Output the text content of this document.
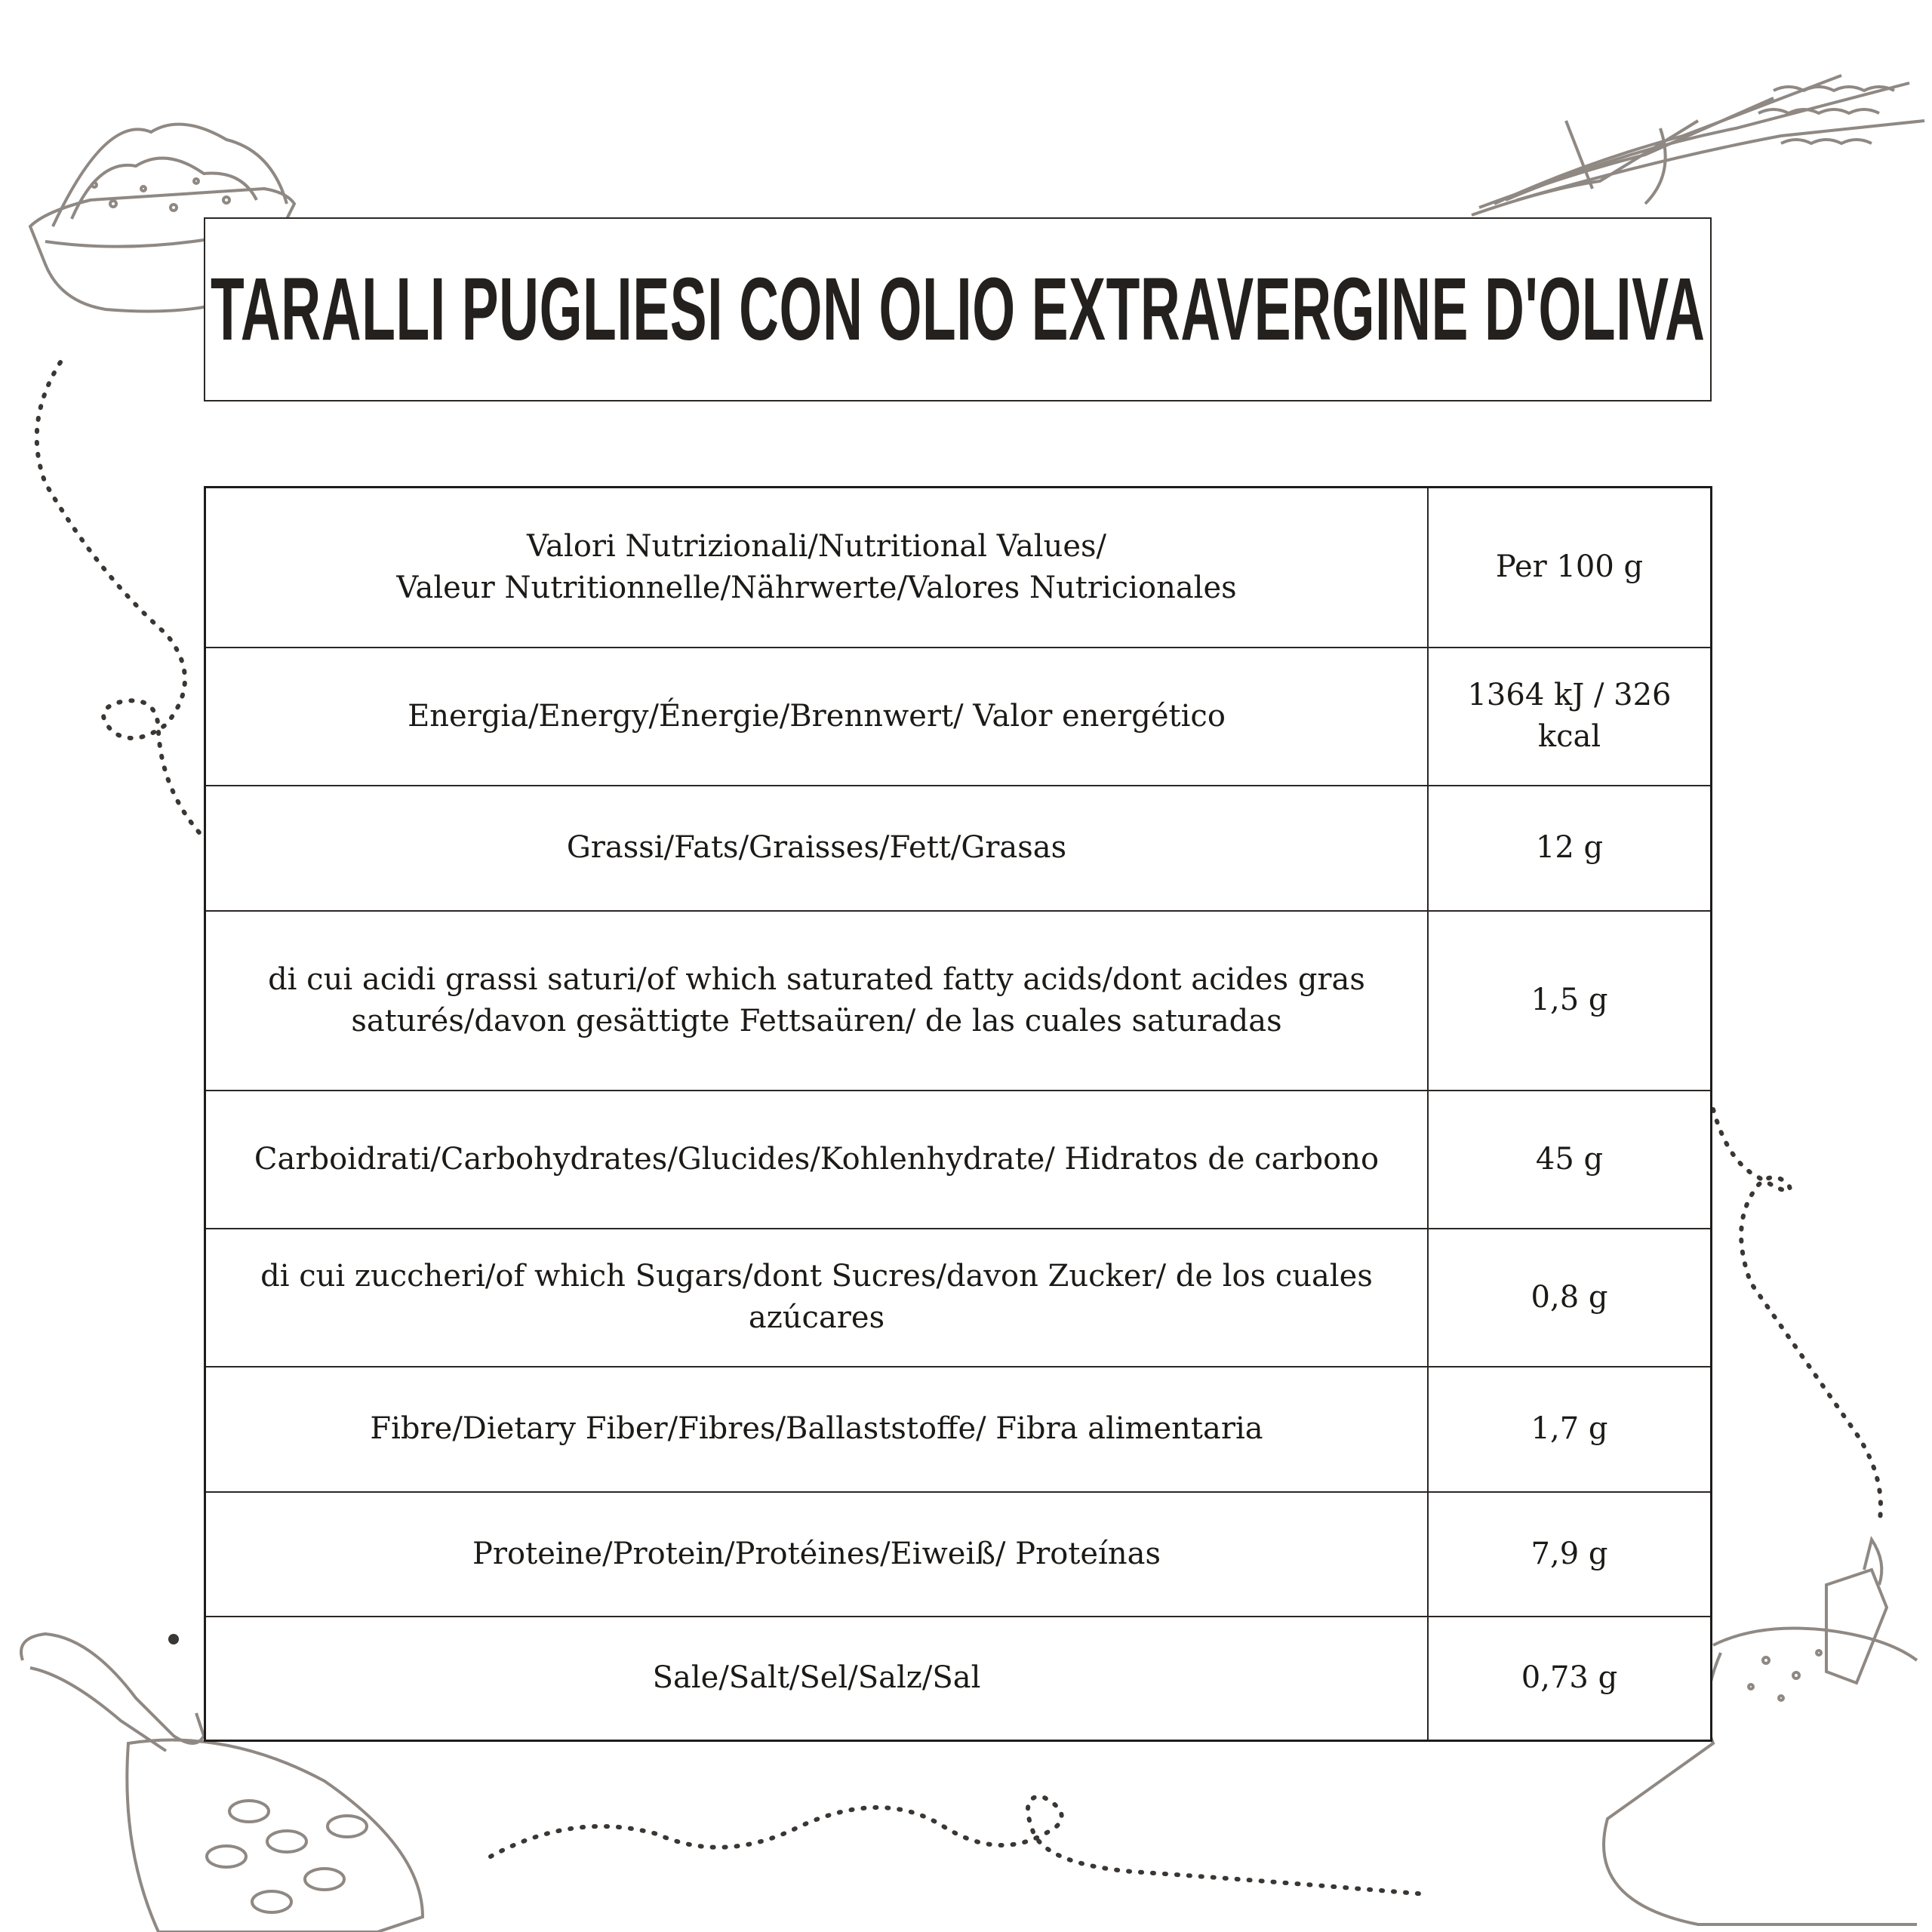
TARALLI PUGLIESI CON OLIO EXTRAVERGINE D'OLIVA
Valori Nutrizionali/Nutritional Values/
Valeur Nutritionnelle/Nährwerte/Valores Nutricionales	Per 100 g
Energia/Energy/Énergie/Brennwert/ Valor energético	1364 kJ / 326 kcal
Grassi/Fats/Graisses/Fett/Grasas	12 g
di cui acidi grassi saturi/of which saturated fatty acids/dont acides gras saturés/davon gesättigte Fettsaüren/ de las cuales saturadas	1,5 g
Carboidrati/Carbohydrates/Glucides/Kohlenhydrate/ Hidratos de carbono	45 g
di cui zuccheri/of which Sugars/dont Sucres/davon Zucker/ de los cuales azúcares	0,8 g
Fibre/Dietary Fiber/Fibres/Ballaststoffe/ Fibra alimentaria	1,7 g
Proteine/Protein/Protéines/Eiweiß/ Proteínas	7,9 g
Sale/Salt/Sel/Salz/Sal	0,73 g
